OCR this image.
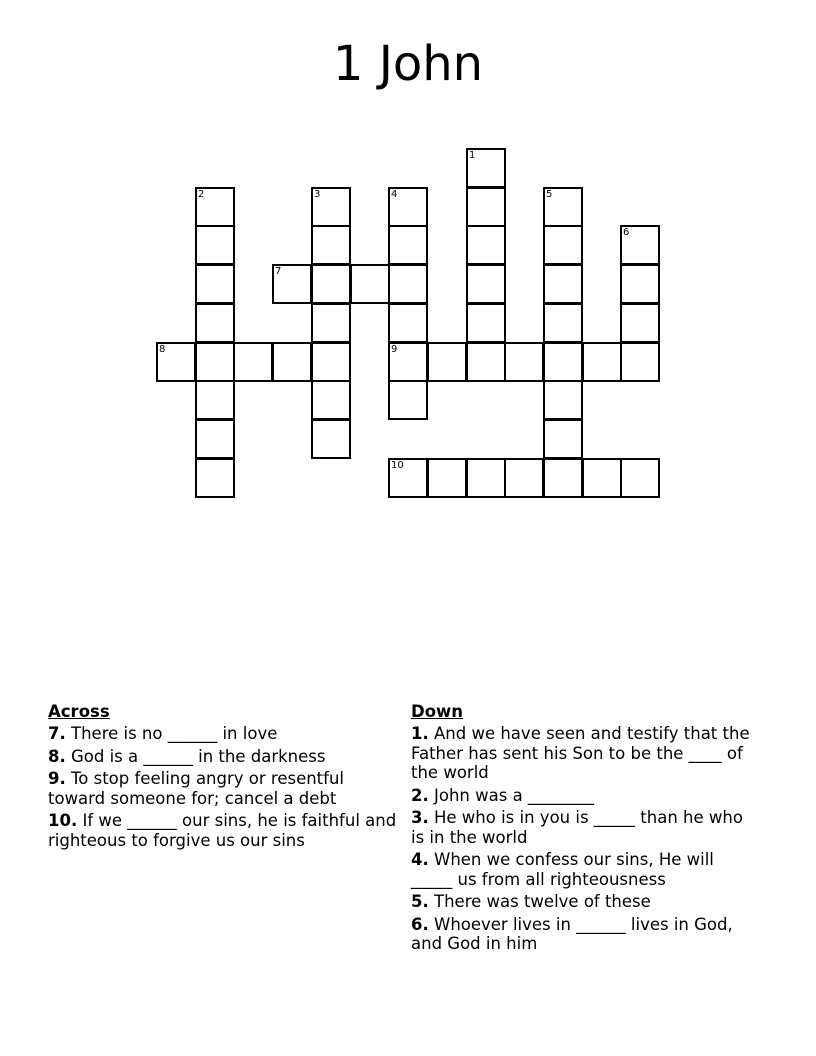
1 John
1
2	3	4
9
5
6
7
8
10
Across
7. There is no ______ in love
8. God is a ______ in the darkness
9. To stop feeling angry or resentful toward someone for; cancel a debt
10. If we ______ our sins, he is faithful and righteous to forgive us our sins
Down
1. And we have seen and testify that the Father has sent his Son to be the ____ of the world
2. John was a ________
3. He who is in you is _____ than he who is in the world
4. When we confess our sins, He will _____ us from all righteousness
5. There was twelve of these
6. Whoever lives in ______ lives in God, and God in him
